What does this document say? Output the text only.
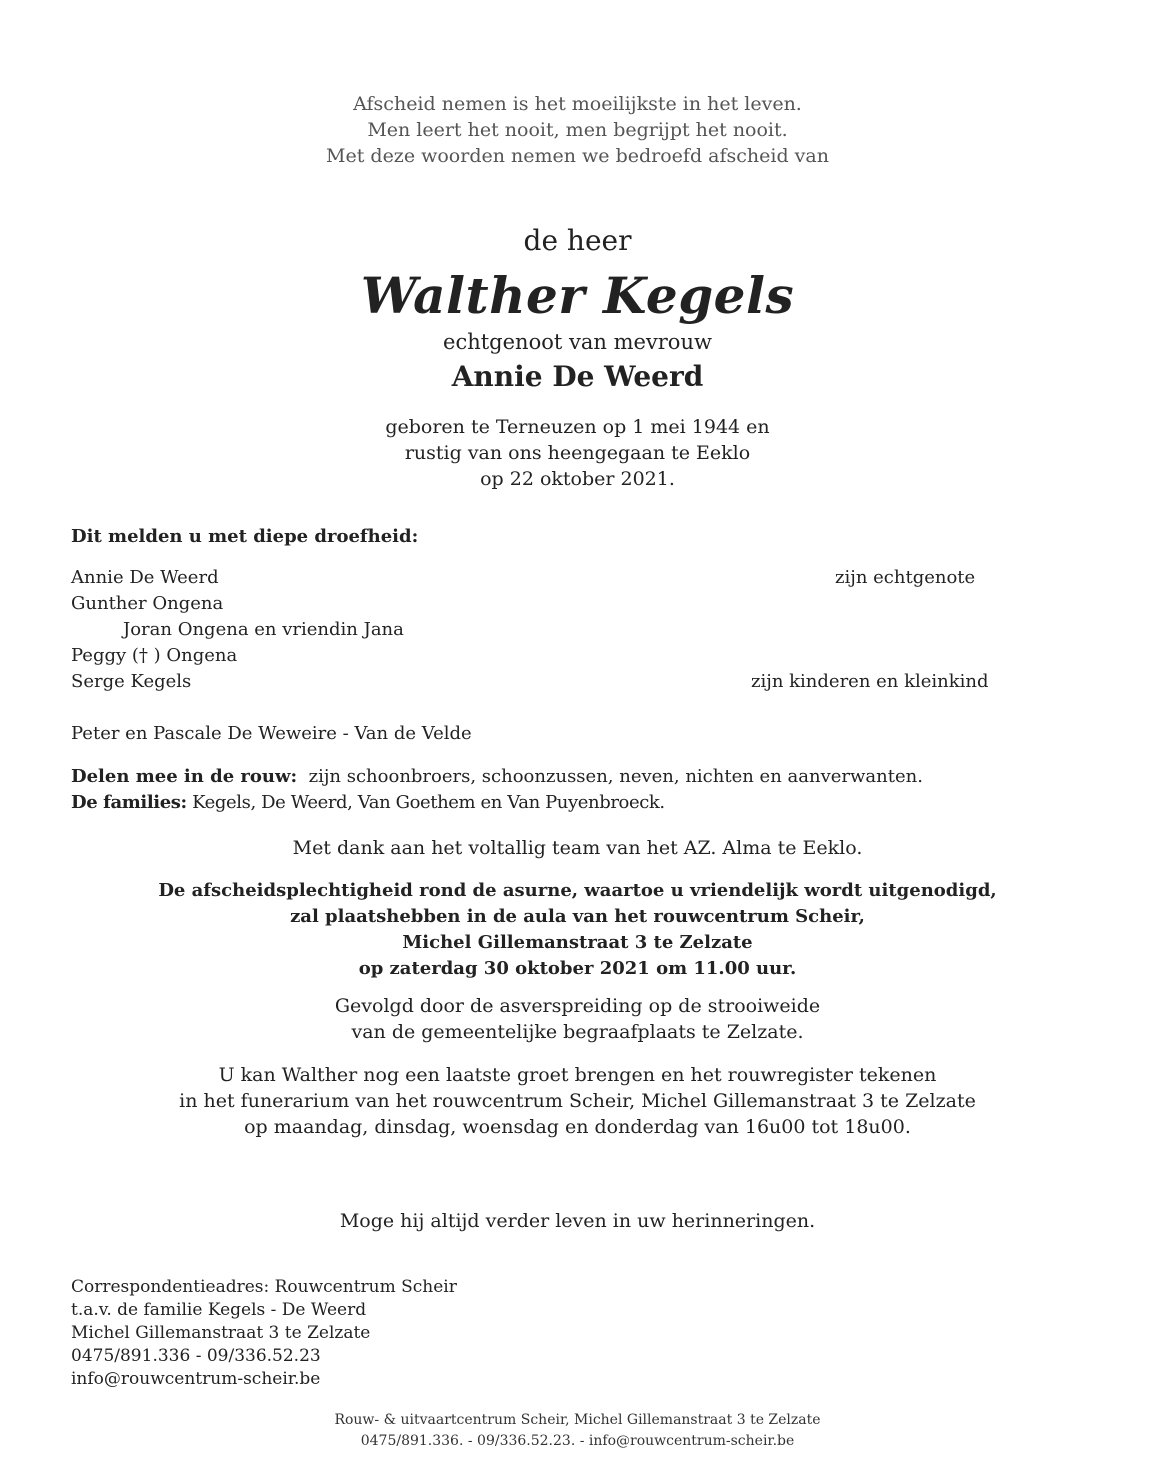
Afscheid nemen is het moeilijkste in het leven.
Men leert het nooit, men begrijpt het nooit.
Met deze woorden nemen we bedroefd afscheid van
de heer
Walther Kegels
echtgenoot van mevrouw
Annie De Weerd
geboren te Terneuzen op 1 mei 1944 en
rustig van ons heengegaan te Eeklo
op 22 oktober 2021.
Dit melden u met diepe droefheid:
Annie De Weerd
Gunther Ongena
Joran Ongena en vriendin Jana
Peggy († ) Ongena
Serge Kegels
zijn echtgenote
zijn kinderen en kleinkind
Peter en Pascale De Weweire - Van de Velde
Delen mee in de rouw: zijn schoonbroers, schoonzussen, neven, nichten en aanverwanten.
De families: Kegels, De Weerd, Van Goethem en Van Puyenbroeck.
Met dank aan het voltallig team van het AZ. Alma te Eeklo.
De afscheidsplechtigheid rond de asurne, waartoe u vriendelijk wordt uitgenodigd,
zal plaatshebben in de aula van het rouwcentrum Scheir,
Michel Gillemanstraat 3 te Zelzate
op zaterdag 30 oktober 2021 om 11.00 uur.
Gevolgd door de asverspreiding op de strooiweide
van de gemeentelijke begraafplaats te Zelzate.
U kan Walther nog een laatste groet brengen en het rouwregister tekenen
in het funerarium van het rouwcentrum Scheir, Michel Gillemanstraat 3 te Zelzate
op maandag, dinsdag, woensdag en donderdag van 16u00 tot 18u00.
Moge hij altijd verder leven in uw herinneringen.
Correspondentieadres: Rouwcentrum Scheir
t.a.v. de familie Kegels - De Weerd
Michel Gillemanstraat 3 te Zelzate
0475/891.336 - 09/336.52.23
info@rouwcentrum-scheir.be
Rouw- & uitvaartcentrum Scheir, Michel Gillemanstraat 3 te Zelzate
0475/891.336. - 09/336.52.23. - info@rouwcentrum-scheir.be
